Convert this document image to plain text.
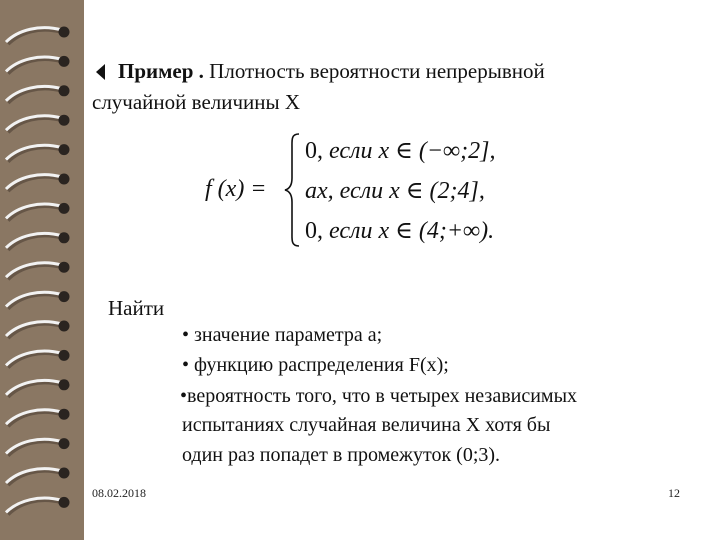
Пример . Плотность вероятности непрерывной
случайной величины Х
f (x) =
0, если x ∈ (−∞;2],
ax, если x ∈ (2;4],
0, если x ∈ (4;+∞).
Найти
• значение параметра a;
• функцию распределения F(x);
•вероятность того, что в четырех независимых
испытаниях случайная величина Х хотя бы
один раз попадет в промежуток (0;3).
08.02.2018	12
